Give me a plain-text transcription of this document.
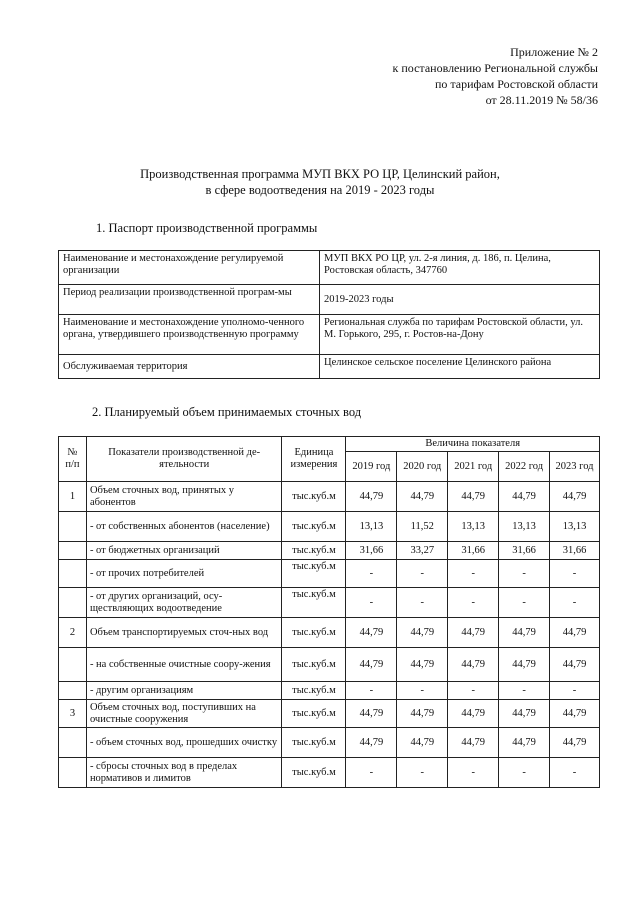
Приложение № 2
к постановлению Региональной службы
по тарифам Ростовской области
от 28.11.2019 № 58/36
Производственная программа МУП ВКХ РО ЦР, Целинский район,
в сфере водоотведения на 2019 - 2023 годы
1. Паспорт производственной программы
Наименование и местонахождение регулируемой организации	МУП ВКХ РО ЦР, ул. 2-я линия, д. 186, п. Целина, Ростовская область, 347760
Период реализации производственной програм-мы	2019-2023 годы
Наименование и местонахождение уполномо-ченного органа, утвердившего производственную программу	Региональная служба по тарифам Ростовской области, ул. М. Горького, 295, г. Ростов-на-Дону
Обслуживаемая территория	Целинское сельское поселение Целинского района
2. Планируемый объем принимаемых сточных вод
№ п/п	Показатели производственной де-ятельности	Единица измерения	Величина показателя				
			2019 год	2020 год	2021 год	2022 год	2023 год
1	Объем сточных вод, принятых у абонентов	тыс.куб.м	44,79	44,79	44,79	44,79	44,79
	- от собственных абонентов (население)	тыс.куб.м	13,13	11,52	13,13	13,13	13,13
	- от бюджетных организаций	тыс.куб.м	31,66	33,27	31,66	31,66	31,66
	- от прочих потребителей	тыс.куб.м	-	-	-	-	-
	- от других организаций, осу-ществляющих водоотведение	тыс.куб.м	-	-	-	-	-
2	Объем транспортируемых сточ-ных вод	тыс.куб.м	44,79	44,79	44,79	44,79	44,79
	- на собственные очистные соору-жения	тыс.куб.м	44,79	44,79	44,79	44,79	44,79
	- другим организациям	тыс.куб.м	-	-	-	-	-
3	Объем сточных вод, поступивших на очистные сооружения	тыс.куб.м	44,79	44,79	44,79	44,79	44,79
	- объем сточных вод, прошедших очистку	тыс.куб.м	44,79	44,79	44,79	44,79	44,79
	- сбросы сточных вод в пределах нормативов и лимитов	тыс.куб.м	-	-	-	-	-
